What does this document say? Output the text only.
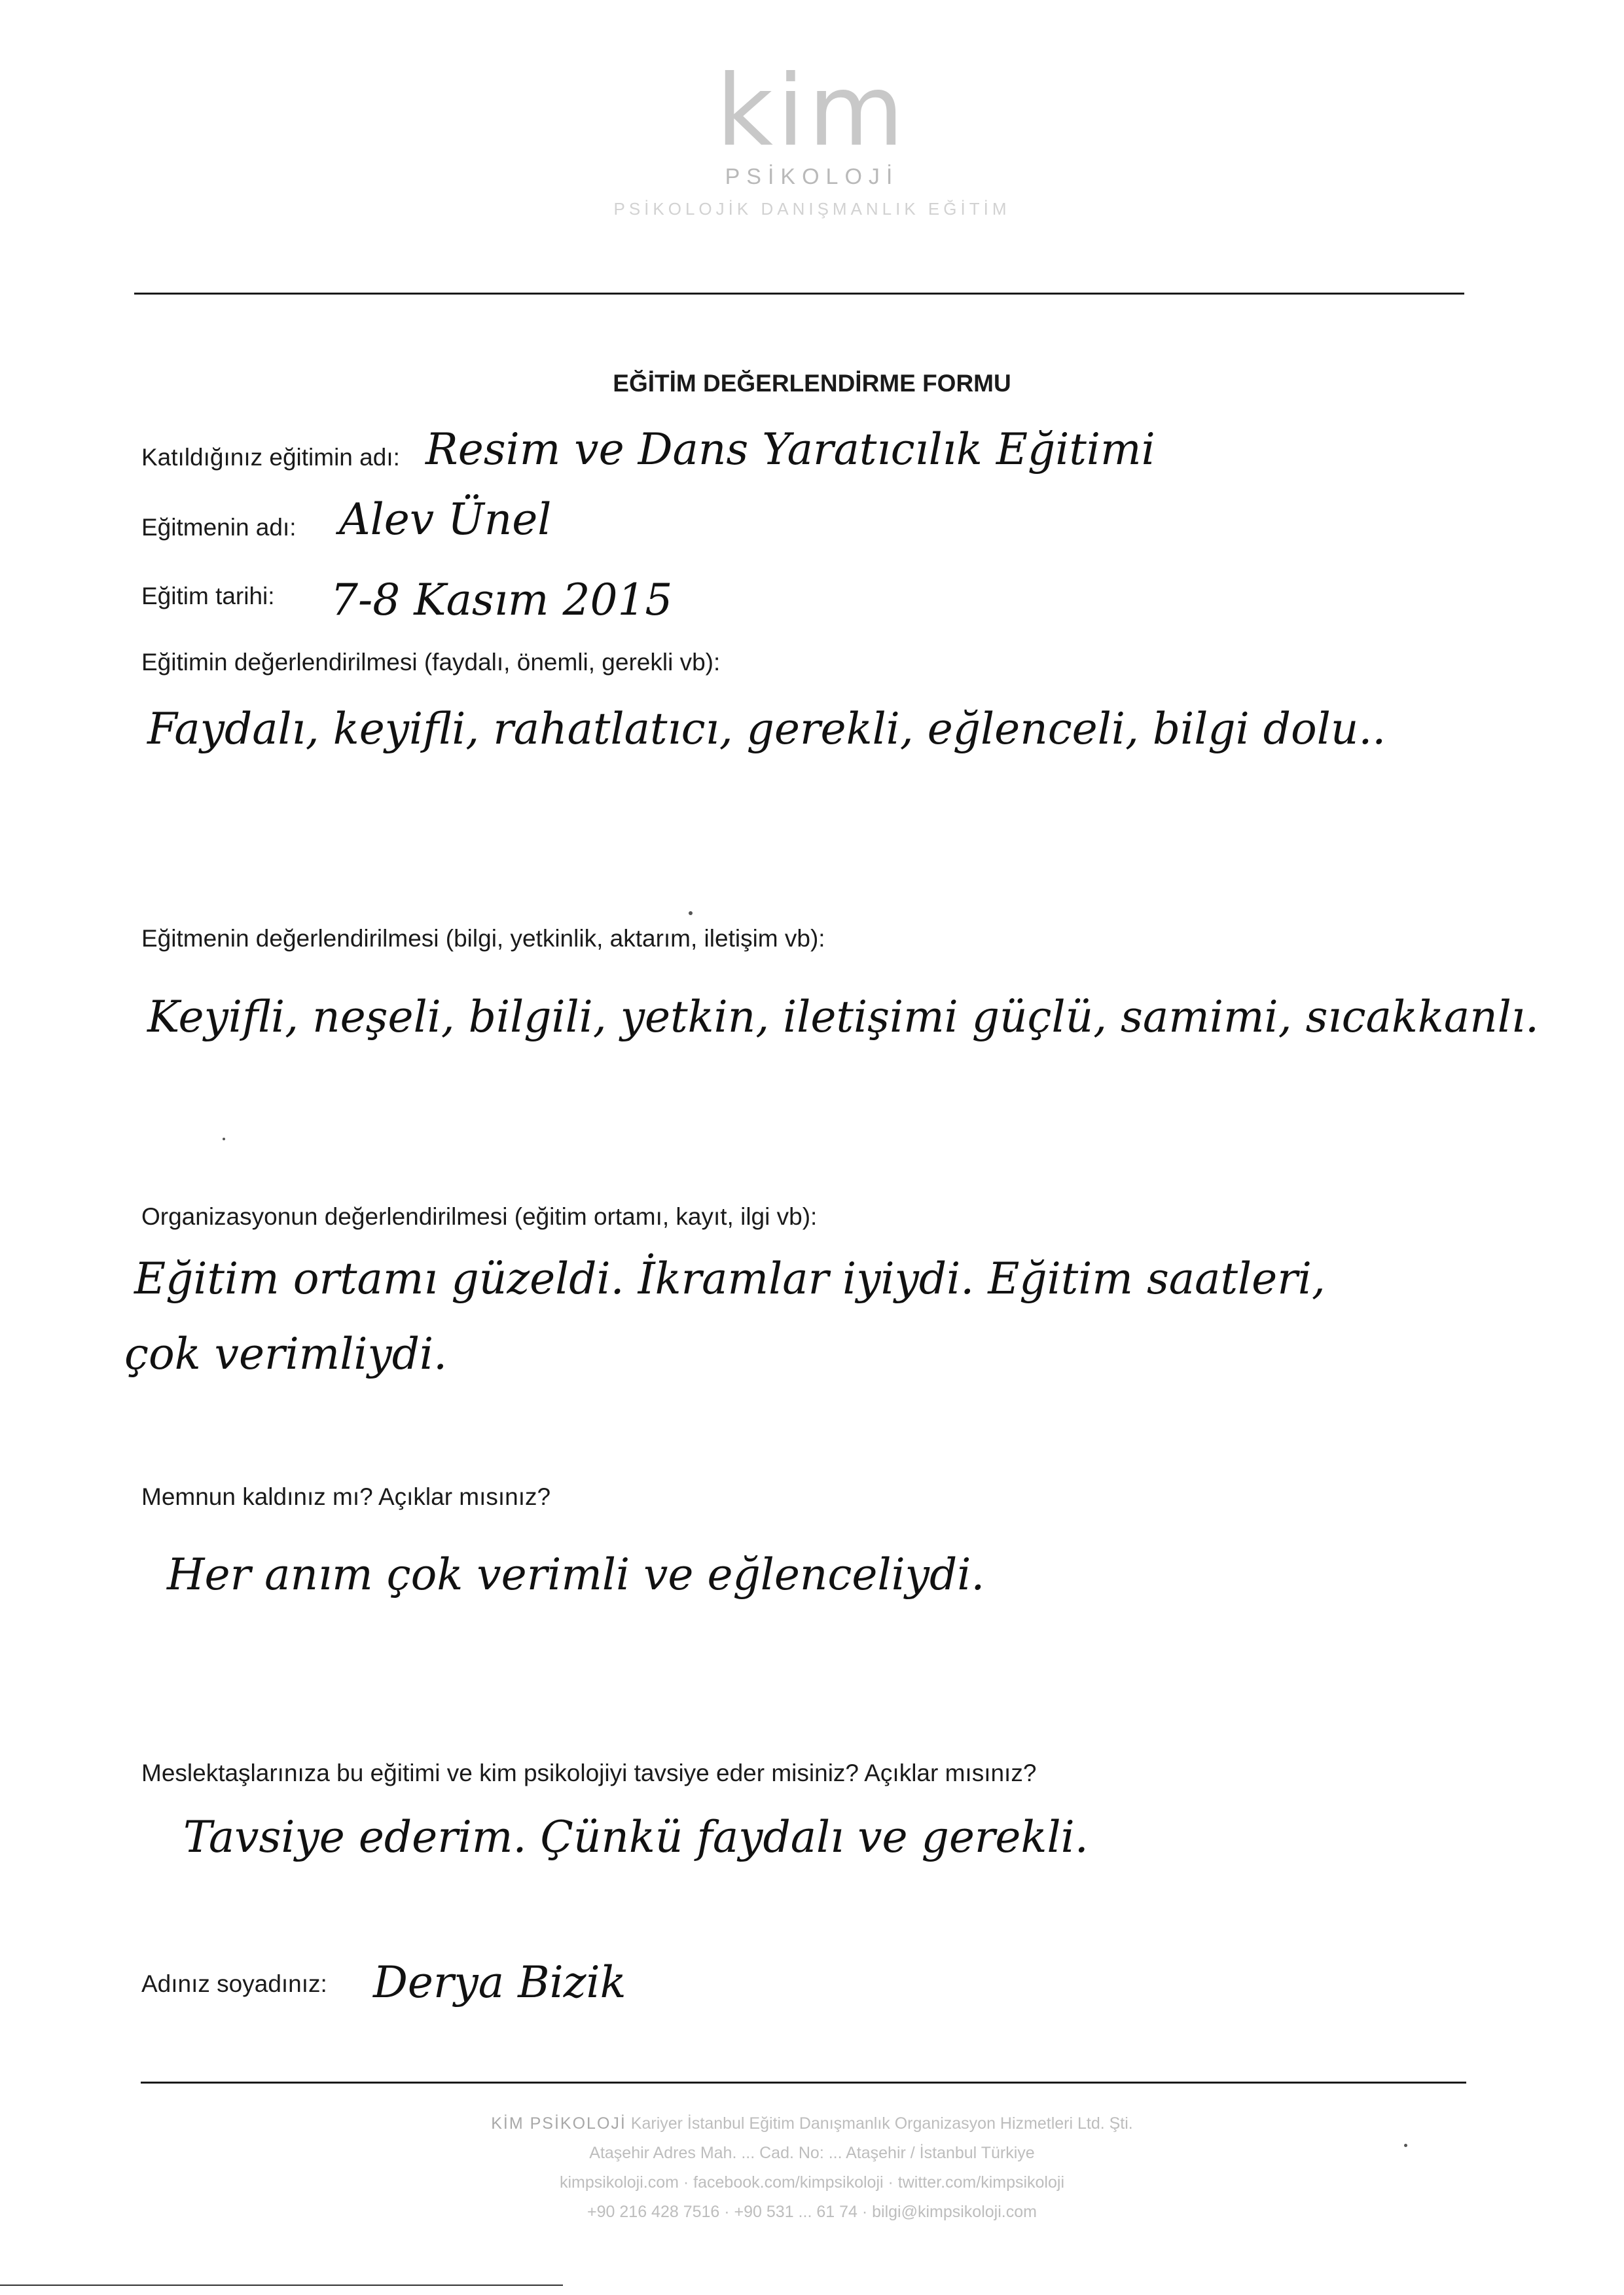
kim
PSİKOLOJİ
PSİKOLOJİK DANIŞMANLIK EĞİTİM
EĞİTİM DEĞERLENDİRME FORMU
Katıldığınız eğitimin adı: Resim ve Dans Yaratıcılık Eğitimi
Eğitmenin adı: Alev Ünel
Eğitim tarihi: 7-8 Kasım 2015
Eğitimin değerlendirilmesi (faydalı, önemli, gerekli vb):
Faydalı, keyifli, rahatlatıcı, gerekli, eğlenceli, bilgi dolu..
Eğitmenin değerlendirilmesi (bilgi, yetkinlik, aktarım, iletişim vb):
Keyifli, neşeli, bilgili, yetkin, iletişimi güçlü, samimi, sıcakkanlı.
Organizasyonun değerlendirilmesi (eğitim ortamı, kayıt, ilgi vb):
Eğitim ortamı güzeldi. İkramlar iyiydi. Eğitim saatleri,
çok verimliydi.
Memnun kaldınız mı? Açıklar mısınız?
Her anım çok verimli ve eğlenceliydi.
Meslektaşlarınıza bu eğitimi ve kim psikolojiyi tavsiye eder misiniz? Açıklar mısınız?
Tavsiye ederim. Çünkü faydalı ve gerekli.
Adınız soyadınız: Derya Bizik
KİM PSİKOLOJİ Kariyer İstanbul Eğitim Danışmanlık Organizasyon Hizmetleri Ltd. Şti.
Ataşehir Adres Mah. ... Cad. No: ... Ataşehir / İstanbul Türkiye
kimpsikoloji.com · facebook.com/kimpsikoloji · twitter.com/kimpsikoloji
+90 216 428 7516 · +90 531 ... 61 74 · bilgi@kimpsikoloji.com
